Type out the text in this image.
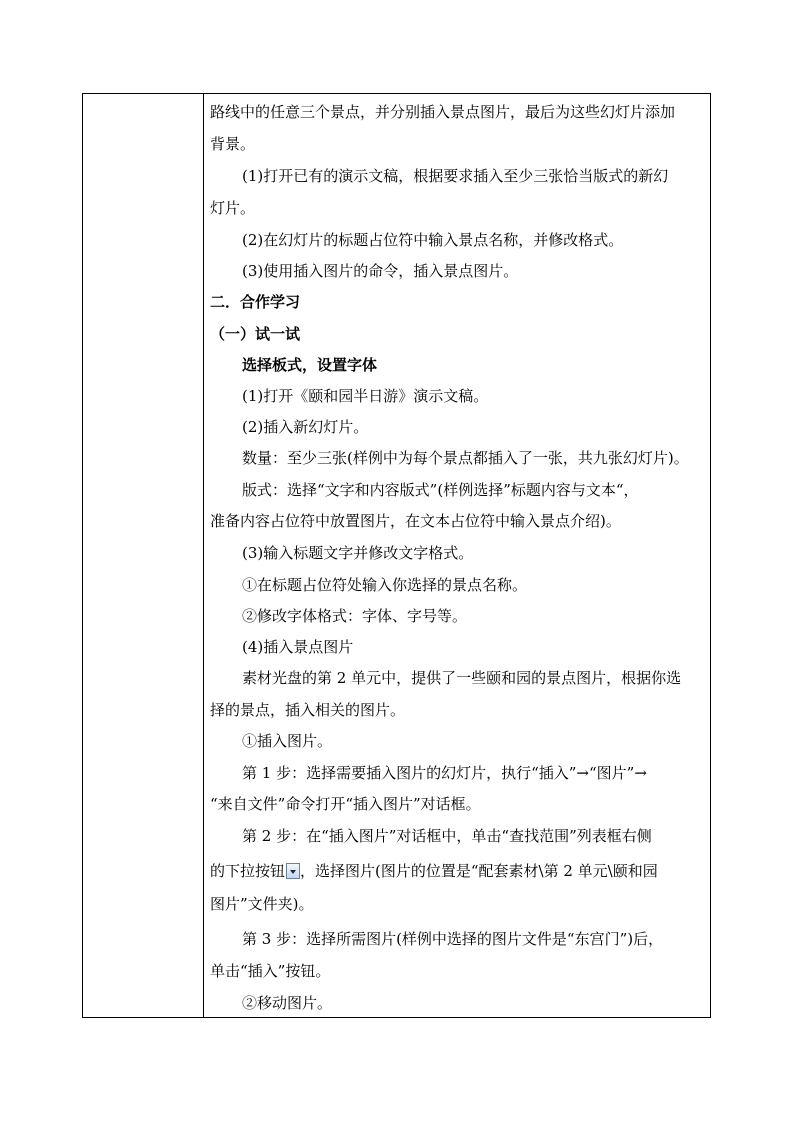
路线中的任意三个景点，并分别插入景点图片，最后为这些幻灯片添加
背景。
(1)打开已有的演示文稿，根据要求插入至少三张恰当版式的新幻
灯片。
(2)在幻灯片的标题占位符中输入景点名称，并修改格式。
(3)使用插入图片的命令，插入景点图片。
二．合作学习
（一）试一试
选择板式，设置字体
(1)打开《颐和园半日游》演示文稿。
(2)插入新幻灯片。
数量：至少三张(样例中为每个景点都插入了一张，共九张幻灯片)。
版式：选择“文字和内容版式”(样例选择”标题内容与文本“，
准备内容占位符中放置图片，在文本占位符中输入景点介绍)。
(3)输入标题文字并修改文字格式。
①在标题占位符处输入你选择的景点名称。
②修改字体格式：字体、字号等。
(4)插入景点图片
素材光盘的第 2 单元中，提供了一些颐和园的景点图片，根据你选
择的景点，插入相关的图片。
①插入图片。
第 1 步：选择需要插入图片的幻灯片，执行“插入”→“图片”→
“来自文件”命令打开“插入图片”对话框。
第 2 步：在“插入图片”对话框中，单击“查找范围”列表框右侧
的下拉按钮 ，选择图片(图片的位置是“配套素材\第 2 单元\颐和园
图片”文件夹)。
第 3 步：选择所需图片(样例中选择的图片文件是“东宫门”)后，
单击“插入”按钮。
②移动图片。
